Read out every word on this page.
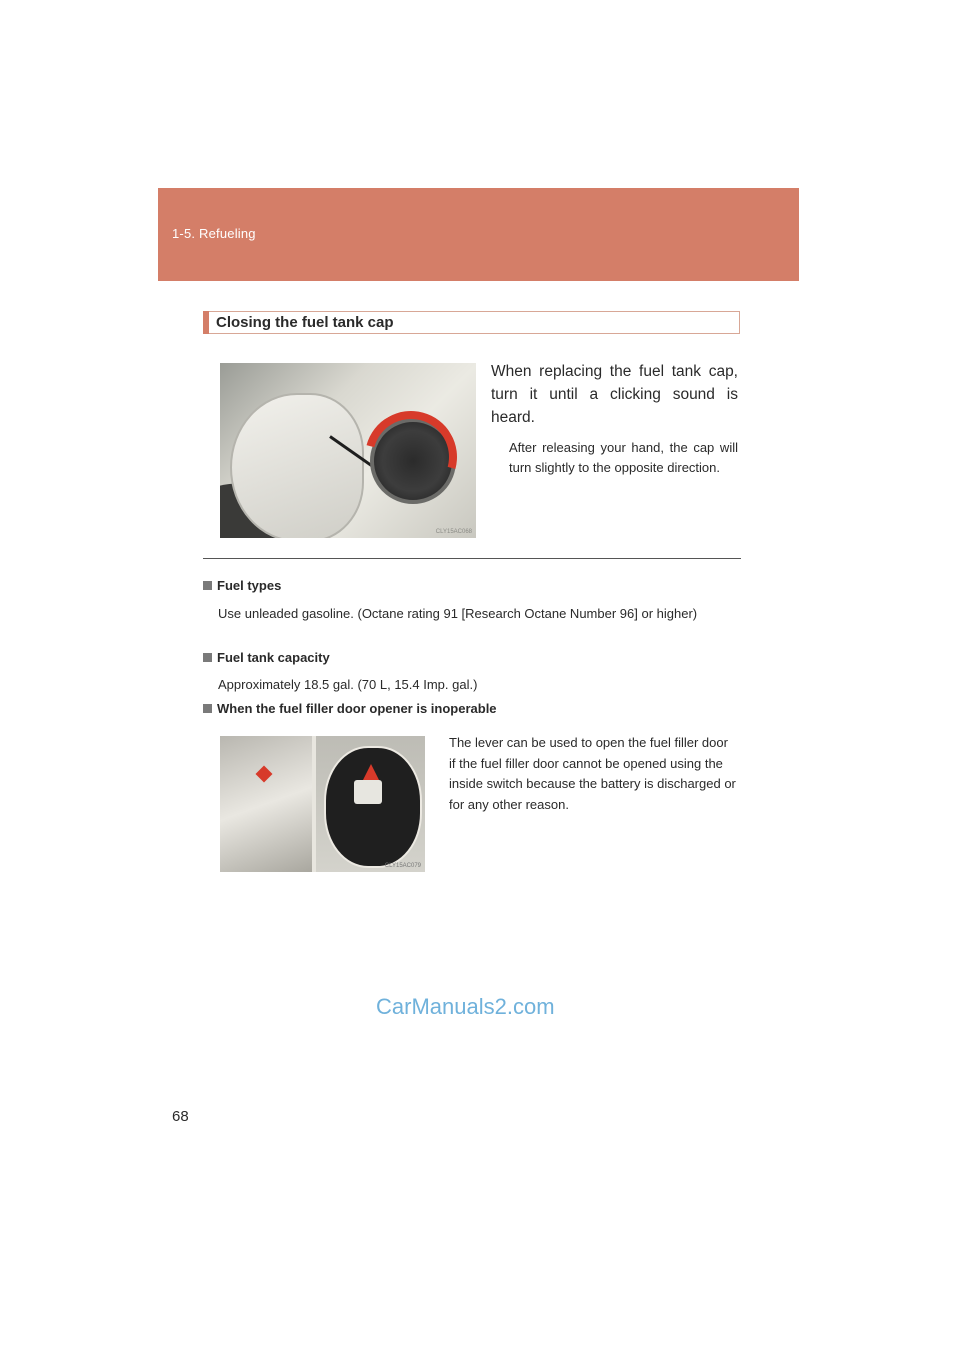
1-5. Refueling
Closing the fuel tank cap
CLY15AC068
When replacing the fuel tank cap, turn it until a clicking sound is heard.
After releasing your hand, the cap will turn slightly to the opposite direction.
Fuel types
Use unleaded gasoline. (Octane rating 91 [Research Octane Number 96] or higher)
Fuel tank capacity
Approximately 18.5 gal. (70 L, 15.4 Imp. gal.)
When the fuel filler door opener is inoperable
CLY15AC079
The lever can be used to open the fuel filler door if the fuel filler door cannot be opened using the inside switch because the battery is discharged or for any other reason.
CarManuals2.com
68
